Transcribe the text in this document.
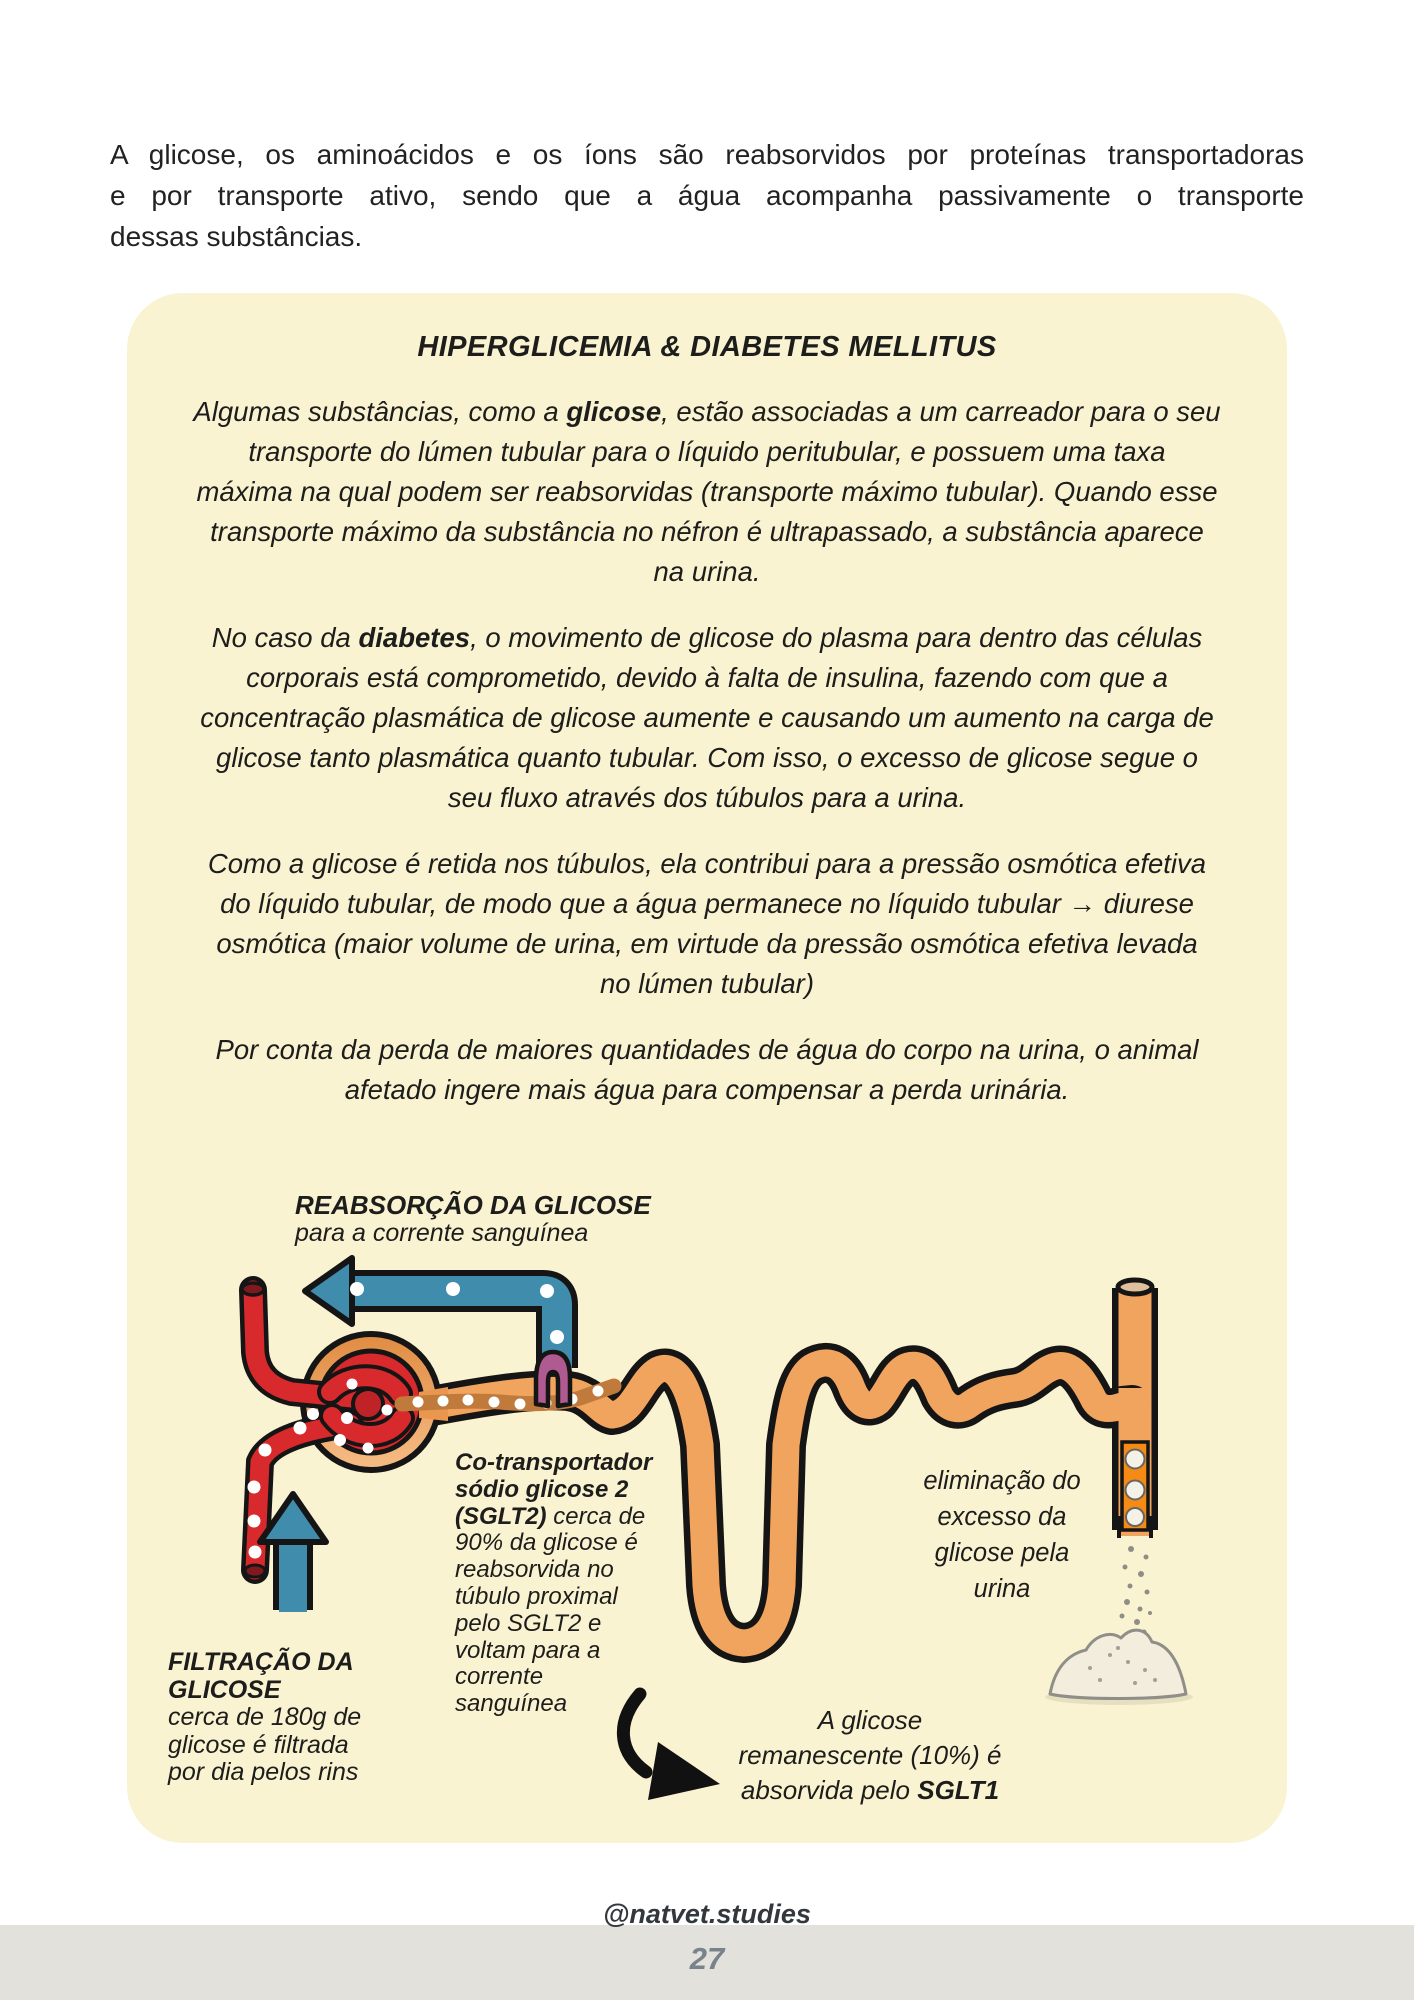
A glicose, os aminoácidos e os íons são reabsorvidos por proteínas transportadoras
e por transporte ativo, sendo que a água acompanha passivamente o transporte
dessas substâncias.
HIPERGLICEMIA & DIABETES MELLITUS

Algumas substâncias, como a glicose, estão associadas a um carreador para o seu
transporte do lúmen tubular para o líquido peritubular, e possuem uma taxa
máxima na qual podem ser reabsorvidas (transporte máximo tubular). Quando esse
transporte máximo da substância no néfron é ultrapassado, a substância aparece
na urina.

No caso da diabetes, o movimento de glicose do plasma para dentro das células
corporais está comprometido, devido à falta de insulina, fazendo com que a
concentração plasmática de glicose aumente e causando um aumento na carga de
glicose tanto plasmática quanto tubular. Com isso, o excesso de glicose segue o
seu fluxo através dos túbulos para a urina.

Como a glicose é retida nos túbulos, ela contribui para a pressão osmótica efetiva
do líquido tubular, de modo que a água permanece no líquido tubular → diurese
osmótica (maior volume de urina, em virtude da pressão osmótica efetiva levada
no lúmen tubular)

Por conta da perda de maiores quantidades de água do corpo na urina, o animal
afetado ingere mais água para compensar a perda urinária.

REABSORÇÃO DA GLICOSE
para a corrente sanguínea
Co-transportador
sódio glicose 2
(SGLT2) cerca de
90% da glicose é
reabsorvida no
túbulo proximal
pelo SGLT2 e
voltam para a
corrente
sanguínea
FILTRAÇÃO DA
GLICOSE
cerca de 180g de
glicose é filtrada
por dia pelos rins
eliminação do
excesso da
glicose pela
urina
A glicose
remanescente (10%) é
absorvida pelo SGLT1
@natvet.studies
27
